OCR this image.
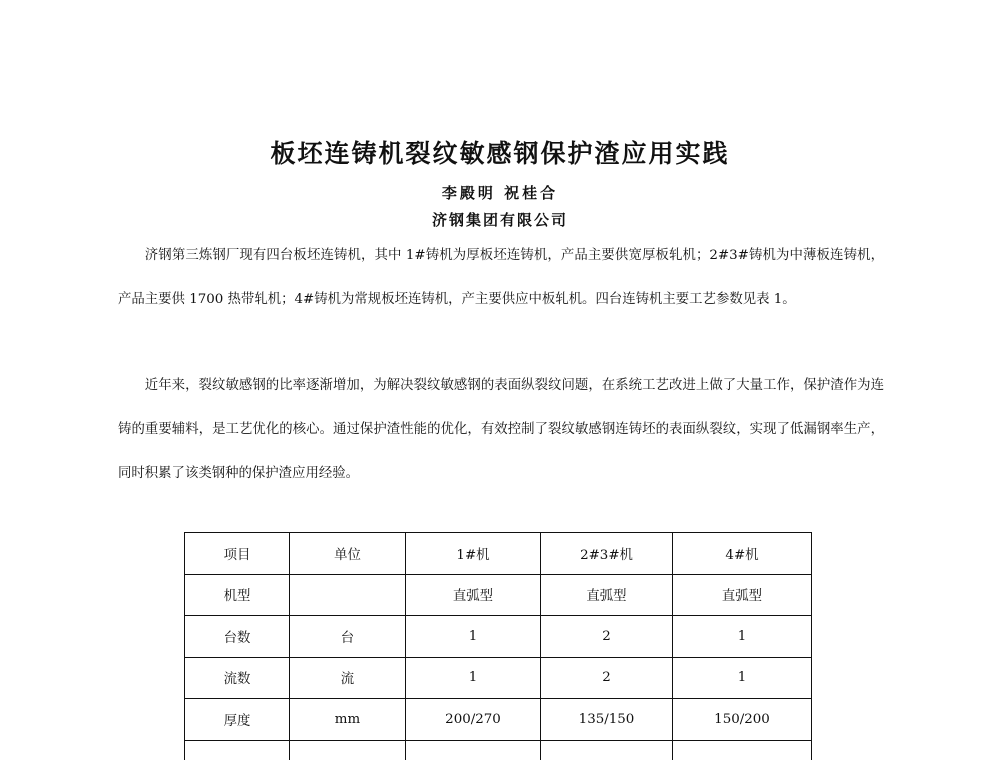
板坯连铸机裂纹敏感钢保护渣应用实践
李殿明 祝桂合
济钢集团有限公司

济钢第三炼钢厂现有四台板坯连铸机，其中 1#铸机为厚板坯连铸机，产品主要供宽厚板轧机；2#3#铸机为中薄板连铸机，产品主要供 1700 热带轧机；4#铸机为常规板坯连铸机，产主要供应中板轧机。四台连铸机主要工艺参数见表 1。

近年来，裂纹敏感钢的比率逐渐增加，为解决裂纹敏感钢的表面纵裂纹问题，在系统工艺改进上做了大量工作，保护渣作为连铸的重要辅料，是工艺优化的核心。通过保护渣性能的优化，有效控制了裂纹敏感钢连铸坯的表面纵裂纹，实现了低漏钢率生产，同时积累了该类钢种的保护渣应用经验。

项目	单位	1#机	2#3#机	4#机
机型		直弧型	直弧型	直弧型
台数	台	1	2	1
流数	流	1	2	1
厚度	mm	200/270	135/150	150/200
